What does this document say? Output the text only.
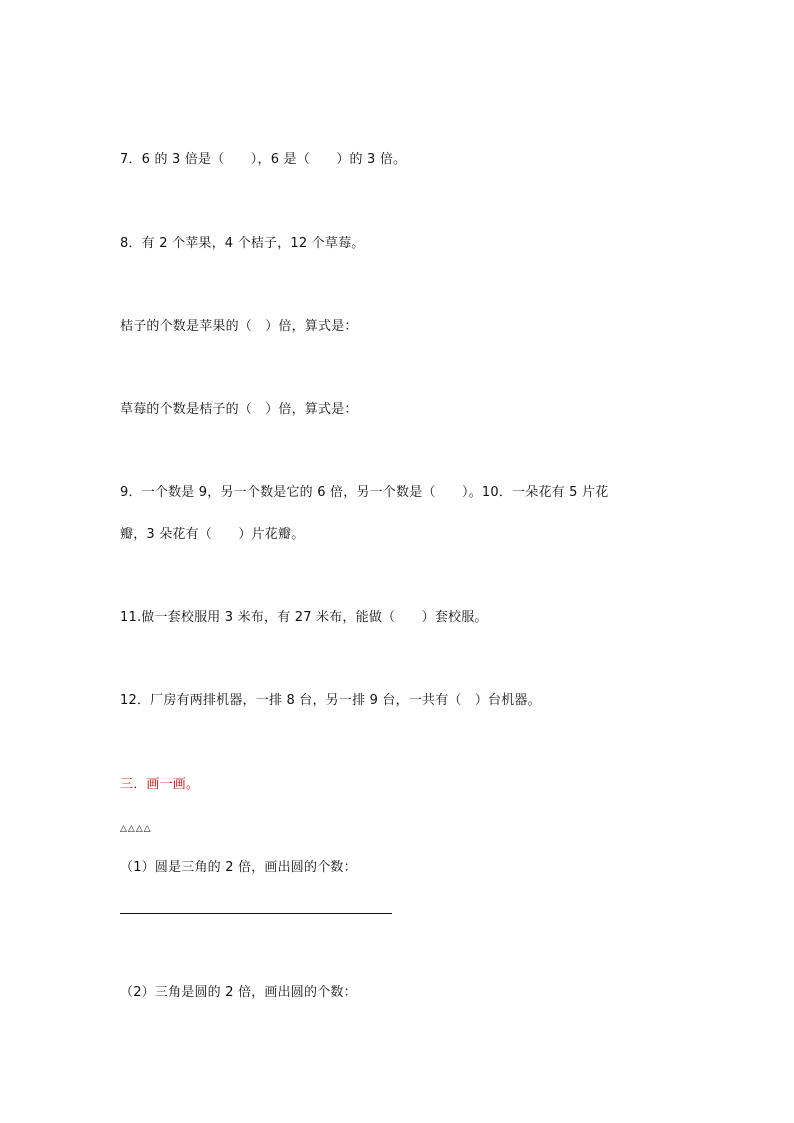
7．6 的 3 倍是（　　），6 是（　　）的 3 倍。
8．有 2 个苹果，4 个桔子，12 个草莓。
桔子的个数是苹果的（　）倍，算式是：
草莓的个数是桔子的（　）倍，算式是：
9．一个数是 9，另一个数是它的 6 倍，另一个数是（　　）。10．一朵花有 5 片花
瓣，3 朵花有（　　）片花瓣。
11.做一套校服用 3 米布，有 27 米布，能做（　　）套校服。
12．厂房有两排机器，一排 8 台，另一排 9 台，一共有（　）台机器。
三．画一画。
△△△△
（1）圆是三角的 2 倍，画出圆的个数：
（2）三角是圆的 2 倍，画出圆的个数：
